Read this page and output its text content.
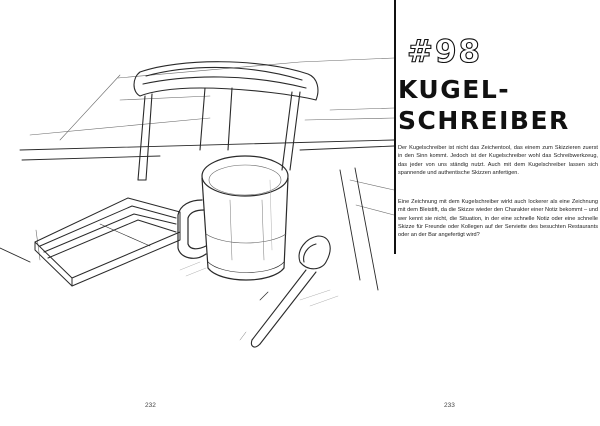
232
#98
KUGEL-
SCHREIBER

Der Kugelschreiber ist nicht das Zeichentool, das einem zum Skizzieren zuerst in den Sinn kommt. Jedoch ist der Kugelschreiber wohl das Schreibwerkzeug, das jeder von uns ständig nutzt. Auch mit dem Kugelschreiber lassen sich spannende und authentische Skizzen anfertigen.

Eine Zeichnung mit dem Kugelschreiber wirkt auch lockerer als eine Zeichnung mit dem Bleistift, da die Skizze wieder den Charakter einer Notiz bekommt – und wer kennt sie nicht, die Situation, in der eine schnelle Notiz oder eine schnelle Skizze für Freunde oder Kollegen auf der Serviette des besuchten Restaurants oder an der Bar angefertigt wird?

233
